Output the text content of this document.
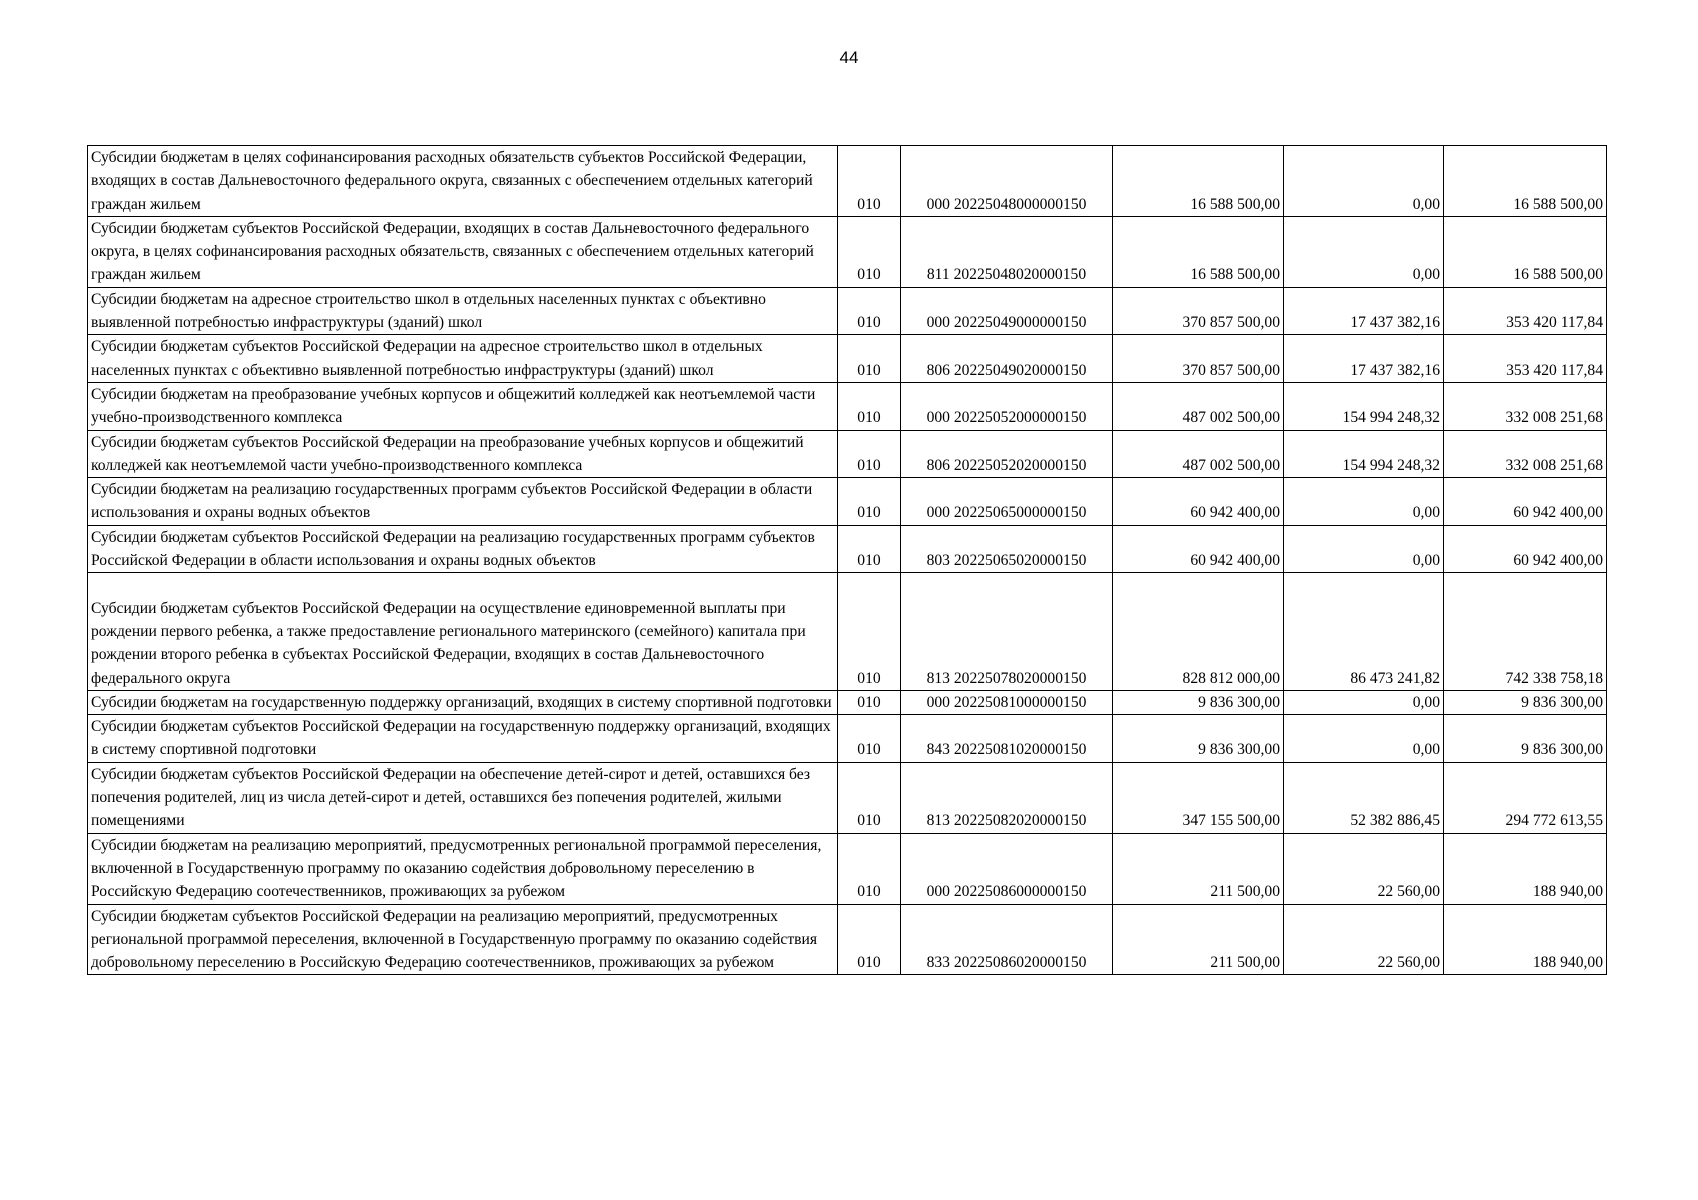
44
Субсидии бюджетам в целях софинансирования расходных обязательств субъектов Российской Федерации, входящих в состав Дальневосточного федерального округа, связанных с обеспечением отдельных категорий граждан жильем	010	000 20225048000000150	16 588 500,00	0,00	16 588 500,00
Субсидии бюджетам субъектов Российской Федерации, входящих в состав Дальневосточного федерального округа, в целях софинансирования расходных обязательств, связанных с обеспечением отдельных категорий граждан жильем	010	811 20225048020000150	16 588 500,00	0,00	16 588 500,00
Субсидии бюджетам на адресное строительство школ в отдельных населенных пунктах с объективно выявленной потребностью инфраструктуры (зданий) школ	010	000 20225049000000150	370 857 500,00	17 437 382,16	353 420 117,84
Субсидии бюджетам субъектов Российской Федерации на адресное строительство школ в отдельных населенных пунктах с объективно выявленной потребностью инфраструктуры (зданий) школ	010	806 20225049020000150	370 857 500,00	17 437 382,16	353 420 117,84
Субсидии бюджетам на преобразование учебных корпусов и общежитий колледжей как неотъемлемой части учебно-производственного комплекса	010	000 20225052000000150	487 002 500,00	154 994 248,32	332 008 251,68
Субсидии бюджетам субъектов Российской Федерации на преобразование учебных корпусов и общежитий колледжей как неотъемлемой части учебно-производственного комплекса	010	806 20225052020000150	487 002 500,00	154 994 248,32	332 008 251,68
Субсидии бюджетам на реализацию государственных программ субъектов Российской Федерации в области использования и охраны водных объектов	010	000 20225065000000150	60 942 400,00	0,00	60 942 400,00
Субсидии бюджетам субъектов Российской Федерации на реализацию государственных программ субъектов Российской Федерации в области использования и охраны водных объектов	010	803 20225065020000150	60 942 400,00	0,00	60 942 400,00

Субсидии бюджетам субъектов Российской Федерации на осуществление единовременной выплаты при рождении первого ребенка, а также предоставление регионального материнского (семейного) капитала при рождении второго ребенка в субъектах Российской Федерации, входящих в состав Дальневосточного федерального округа	010	813 20225078020000150	828 812 000,00	86 473 241,82	742 338 758,18
Субсидии бюджетам на государственную поддержку организаций, входящих в систему спортивной подготовки	010	000 20225081000000150	9 836 300,00	0,00	9 836 300,00
Субсидии бюджетам субъектов Российской Федерации на государственную поддержку организаций, входящих в систему спортивной подготовки	010	843 20225081020000150	9 836 300,00	0,00	9 836 300,00
Субсидии бюджетам субъектов Российской Федерации на обеспечение детей-сирот и детей, оставшихся без попечения родителей, лиц из числа детей-сирот и детей, оставшихся без попечения родителей, жилыми помещениями	010	813 20225082020000150	347 155 500,00	52 382 886,45	294 772 613,55
Субсидии бюджетам на реализацию мероприятий, предусмотренных региональной программой переселения, включенной в Государственную программу по оказанию содействия добровольному переселению в Российскую Федерацию соотечественников, проживающих за рубежом	010	000 20225086000000150	211 500,00	22 560,00	188 940,00
Субсидии бюджетам субъектов Российской Федерации на реализацию мероприятий, предусмотренных региональной программой переселения, включенной в Государственную программу по оказанию содействия добровольному переселению в Российскую Федерацию соотечественников, проживающих за рубежом	010	833 20225086020000150	211 500,00	22 560,00	188 940,00
